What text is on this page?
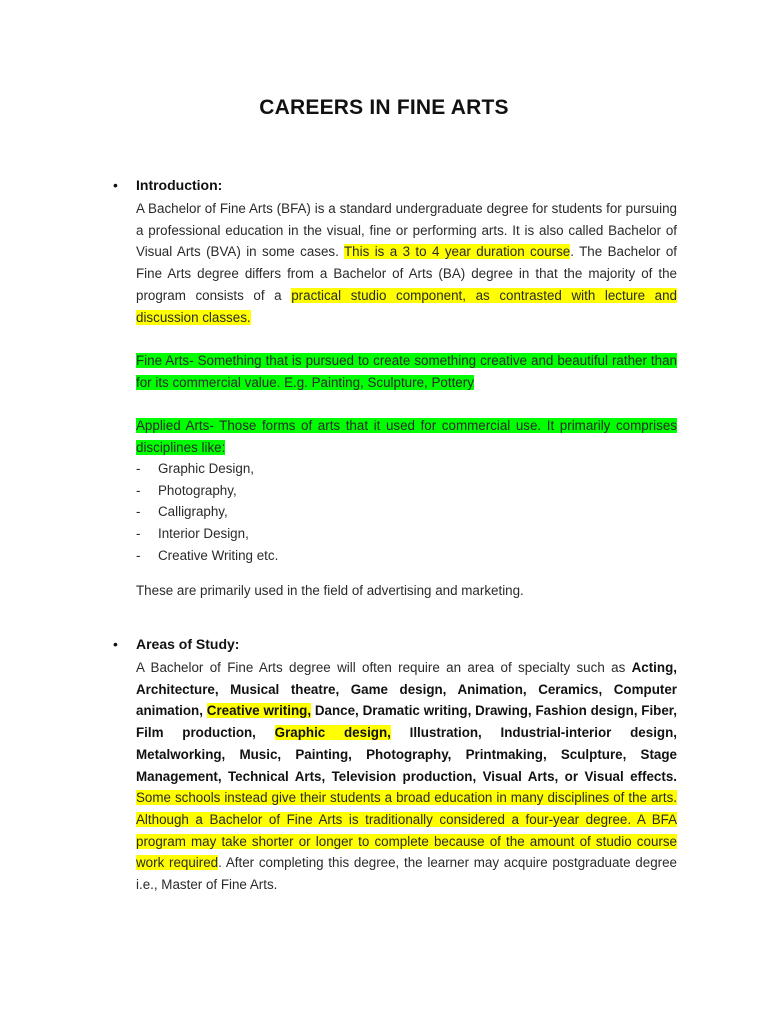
CAREERS IN FINE ARTS
• Introduction:
A Bachelor of Fine Arts (BFA) is a standard undergraduate degree for students for pursuing a professional education in the visual, fine or performing arts. It is also called Bachelor of Visual Arts (BVA) in some cases. This is a 3 to 4 year duration course. The Bachelor of Fine Arts degree differs from a Bachelor of Arts (BA) degree in that the majority of the program consists of a practical studio component, as contrasted with lecture and discussion classes.
Fine Arts- Something that is pursued to create something creative and beautiful rather than for its commercial value. E.g. Painting, Sculpture, Pottery
Applied Arts- Those forms of arts that it used for commercial use. It primarily comprises disciplines like:
- Graphic Design,
- Photography,
- Calligraphy,
- Interior Design,
- Creative Writing etc.
These are primarily used in the field of advertising and marketing.
• Areas of Study:
A Bachelor of Fine Arts degree will often require an area of specialty such as Acting, Architecture, Musical theatre, Game design, Animation, Ceramics, Computer animation, Creative writing, Dance, Dramatic writing, Drawing, Fashion design, Fiber, Film production, Graphic design, Illustration, Industrial-interior design, Metalworking, Music, Painting, Photography, Printmaking, Sculpture, Stage Management, Technical Arts, Television production, Visual Arts, or Visual effects. Some schools instead give their students a broad education in many disciplines of the arts. Although a Bachelor of Fine Arts is traditionally considered a four-year degree. A BFA program may take shorter or longer to complete because of the amount of studio course work required. After completing this degree, the learner may acquire postgraduate degree i.e., Master of Fine Arts.
